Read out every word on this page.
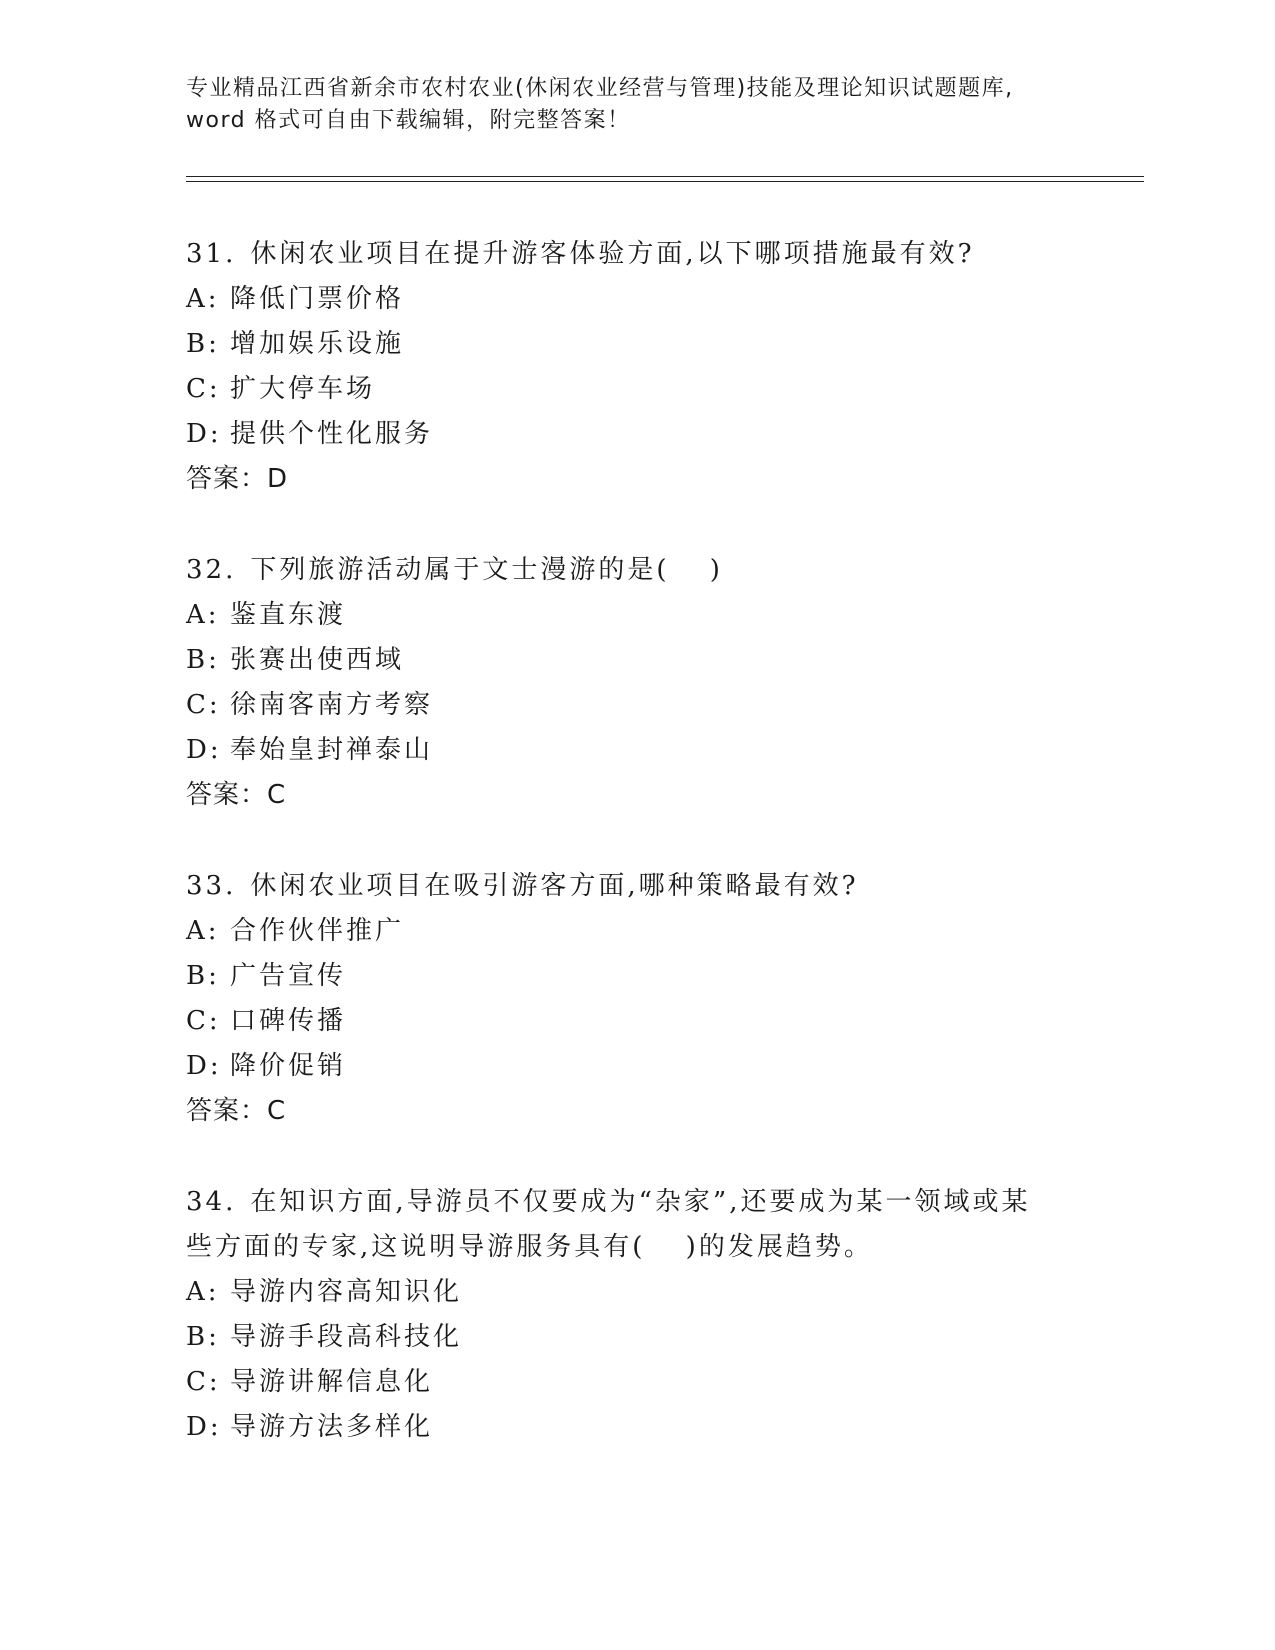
专业精品江西省新余市农村农业(休闲农业经营与管理)技能及理论知识试题题库,
word 格式可自由下载编辑，附完整答案！
31. 休闲农业项目在提升游客体验方面,以下哪项措施最有效?
A: 降低门票价格
B: 增加娱乐设施
C: 扩大停车场
D: 提供个性化服务
答案：D
32. 下列旅游活动属于文士漫游的是(　 )
A: 鉴直东渡
B: 张赛出使西域
C: 徐南客南方考察
D: 奉始皇封禅泰山
答案：C
33. 休闲农业项目在吸引游客方面,哪种策略最有效?
A: 合作伙伴推广
B: 广告宣传
C: 口碑传播
D: 降价促销
答案：C
34. 在知识方面,导游员不仅要成为“杂家”,还要成为某一领域或某
些方面的专家,这说明导游服务具有(　 )的发展趋势。
A: 导游内容高知识化
B: 导游手段高科技化
C: 导游讲解信息化
D: 导游方法多样化
